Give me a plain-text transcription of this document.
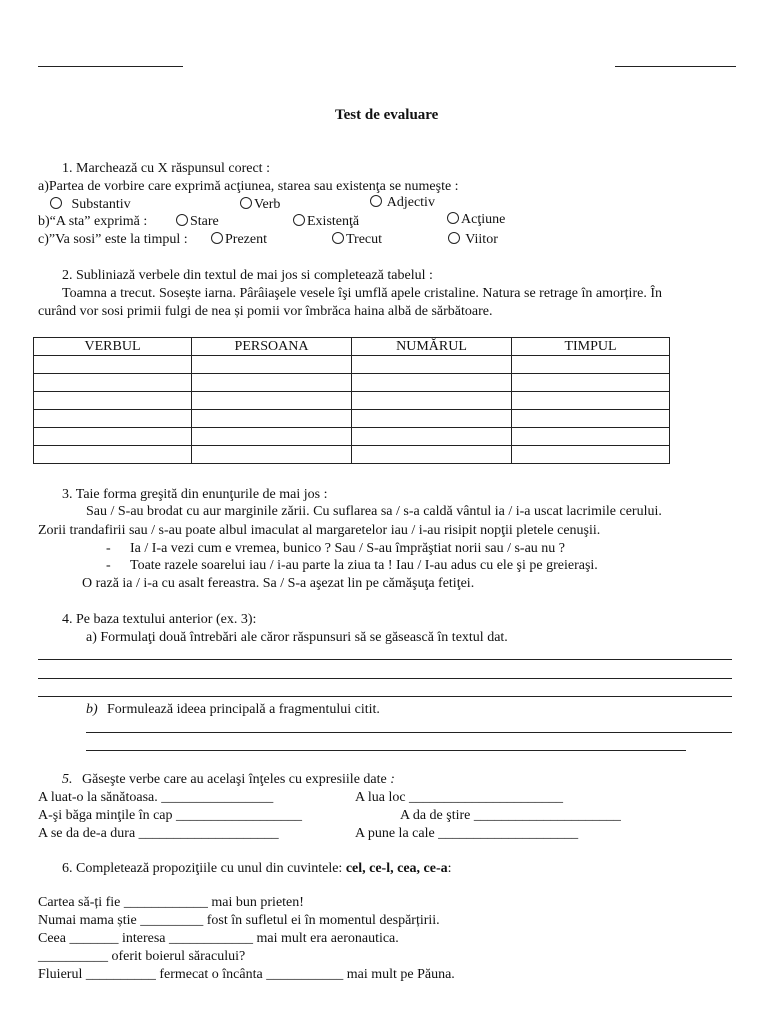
Test de evaluare
1. Marchează cu X răspunsul corect :
a)Partea de vorbire care exprimă acţiunea, starea sau existenţa se numeşte :
Substantiv	Verb	Adjectiv
b)“A sta” exprimă :	Stare	Existenţă	Acţiune
c)”Va sosi” este la timpul :	Prezent	Trecut	Viitor
2. Subliniază verbele din textul de mai jos si completează tabelul :
Toamna a trecut. Sosește iarna. Pârâiaşele vesele îşi umflă apele cristaline. Natura se retrage în amorțire. În
curând vor sosi primii fulgi de nea și pomii vor îmbrăca haina albă de sărbătoare.
VERBUL	PERSOANA	NUMĂRUL	TIMPUL

3. Taie forma greşită din enunţurile de mai jos :
Sau / S-au brodat cu aur marginile zării. Cu suflarea sa / s-a caldă vântul ia / i-a uscat lacrimile cerului.
Zorii trandafirii sau / s-au poate albul imaculat al margaretelor iau / i-au risipit nopţii pletele cenuşii.
- Ia / I-a vezi cum e vremea, bunico ? Sau / S-au împrăştiat norii sau / s-au nu ?
- Toate razele soarelui iau / i-au parte la ziua ta ! Iau / I-au adus cu ele şi pe greieraşi.
O rază ia / i-a cu asalt fereastra. Sa / S-a aşezat lin pe cămăşuţa fetiţei.
4. Pe baza textului anterior (ex. 3):
a) Formulaţi două întrebări ale căror răspunsuri să se găsească în textul dat.
b) Formulează ideea principală a fragmentului citit.
5. Găseşte verbe care au acelaşi înţeles cu expresiile date :
A luat-o la sănătoasa. ________________	A lua loc ______________________
A-şi băga minţile în cap __________________	A da de ştire _____________________
A se da de-a dura ____________________	A pune la cale ____________________
6. Completează propoziţiile cu unul din cuvintele: cel, ce-l, cea, ce-a:
Cartea să-ți fie ____________ mai bun prieten!
Numai mama știe _________ fost în sufletul ei în momentul despărțirii.
Ceea _______ interesa ____________ mai mult era aeronautica.
__________ oferit boierul săracului?
Fluierul __________ fermecat o încânta ___________ mai mult pe Păuna.
